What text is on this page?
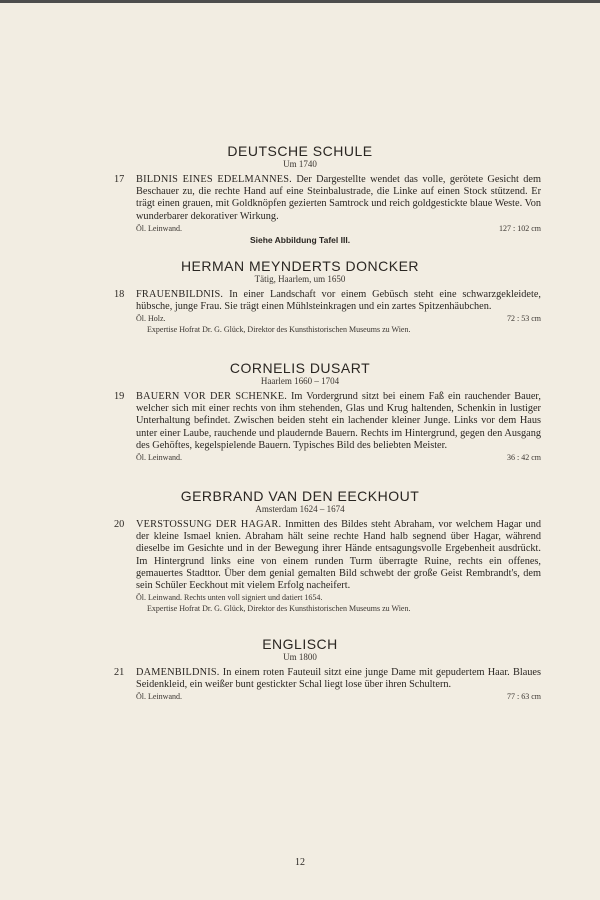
DEUTSCHE SCHULE
Um 1740
17 BILDNIS EINES EDELMANNES. Der Dargestellte wendet das volle, gerötete Gesicht dem Beschauer zu, die rechte Hand auf eine Steinbalustrade, die Linke auf einen Stock stützend. Er trägt einen grauen, mit Goldknöpfen gezierten Samtrock und reich goldgestickte blaue Weste. Von wunderbarer dekorativer Wirkung.
Öl. Leinwand.	127 : 102 cm
Siehe Abbildung Tafel III.
HERMAN MEYNDERTS DONCKER
Tätig, Haarlem, um 1650
18 FRAUENBILDNIS. In einer Landschaft vor einem Gebüsch steht eine schwarzgekleidete, hübsche, junge Frau. Sie trägt einen Mühlsteinkragen und ein zartes Spitzenhäubchen.
Öl. Holz.	72 : 53 cm
Expertise Hofrat Dr. G. Glück, Direktor des Kunsthistorischen Museums zu Wien.
CORNELIS DUSART
Haarlem 1660 – 1704
19 BAUERN VOR DER SCHENKE. Im Vordergrund sitzt bei einem Faß ein rauchender Bauer, welcher sich mit einer rechts von ihm stehenden, Glas und Krug haltenden, Schenkin in lustiger Unterhaltung befindet. Zwischen beiden steht ein lachender kleiner Junge. Links vor dem Haus unter einer Laube, rauchende und plaudernde Bauern. Rechts im Hintergrund, gegen den Ausgang des Gehöftes, kegelspielende Bauern. Typisches Bild des beliebten Meister.
Öl. Leinwand.	36 : 42 cm
GERBRAND VAN DEN EECKHOUT
Amsterdam 1624 – 1674
20 VERSTOSSUNG DER HAGAR. Inmitten des Bildes steht Abraham, vor welchem Hagar und der kleine Ismael knien. Abraham hält seine rechte Hand halb segnend über Hagar, während dieselbe im Gesichte und in der Bewegung ihrer Hände entsagungsvolle Ergebenheit ausdrückt. Im Hintergrund links eine von einem runden Turm überragte Ruine, rechts ein offenes, gemauertes Stadttor. Über dem genial gemalten Bild schwebt der große Geist Rembrandt's, dem sein Schüler Eeckhout mit vielem Erfolg nacheifert.
Öl. Leinwand. Rechts unten voll signiert und datiert 1654.
Expertise Hofrat Dr. G. Glück, Direktor des Kunsthistorischen Museums zu Wien.
ENGLISCH
Um 1800
21 DAMENBILDNIS. In einem roten Fauteuil sitzt eine junge Dame mit gepudertem Haar. Blaues Seidenkleid, ein weißer bunt gestickter Schal liegt lose über ihren Schultern.
Öl. Leinwand.	77 : 63 cm
12
